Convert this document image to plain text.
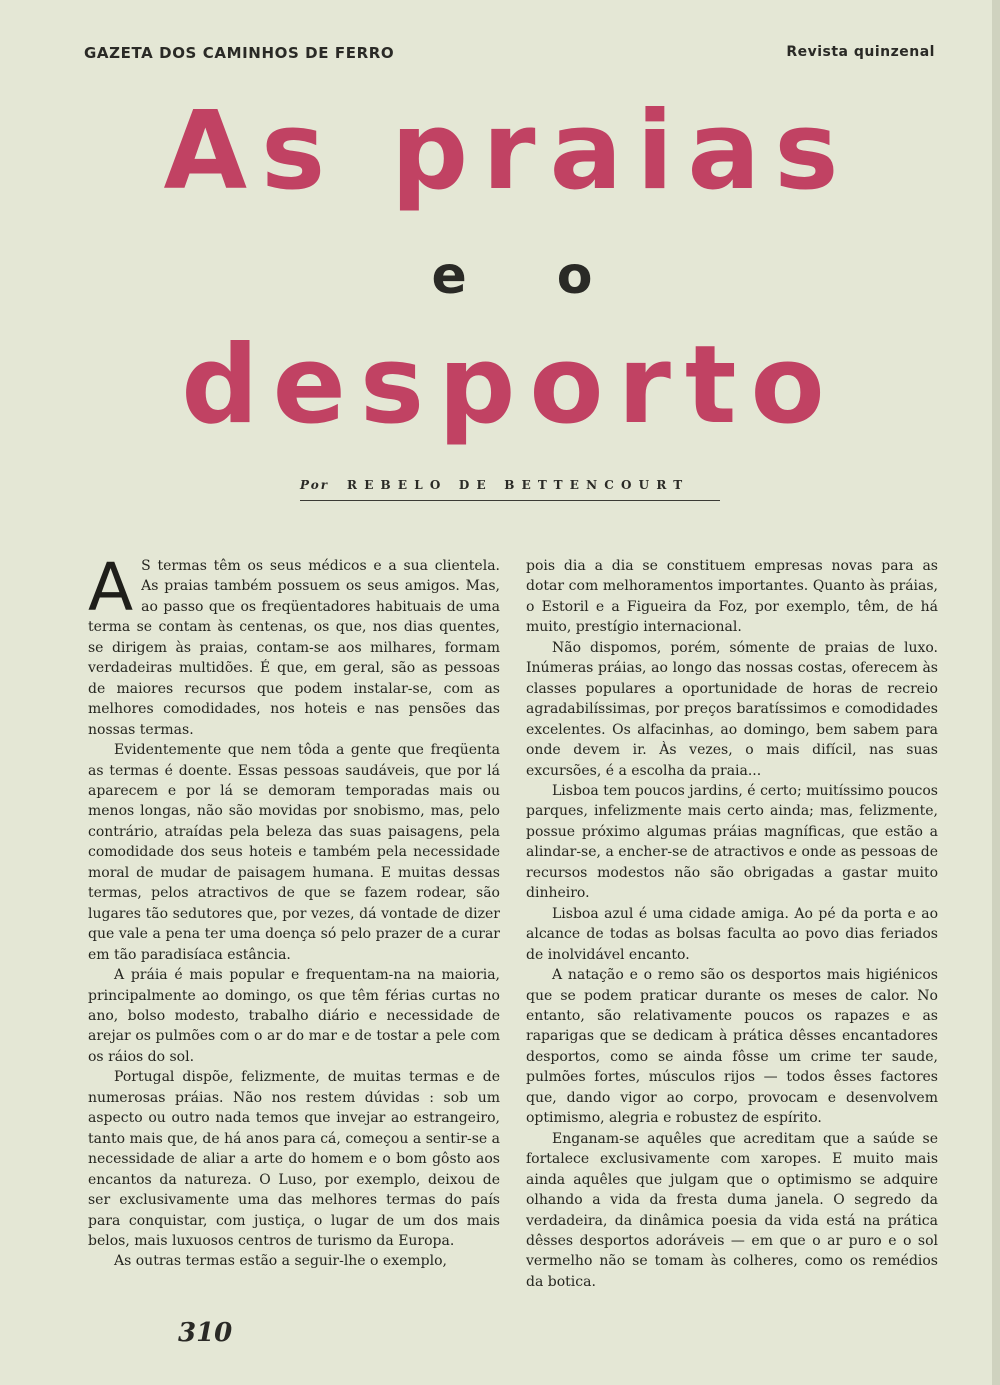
GAZETA DOS CAMINHOS DE FERRO	Revista quinzenal
As praias
e o
desporto
Por REBELO DE BETTENCOURT

A S termas têm os seus médicos e a sua clientela. As praias também possuem os seus amigos. Mas, ao passo que os freqüentadores habituais de uma terma se contam às centenas, os que, nos dias quentes, se dirigem às praias, contam-se aos milhares, formam verdadeiras multidões. É que, em geral, são as pessoas de maiores recursos que podem instalar-se, com as melhores comodidades, nos hoteis e nas pensões das nossas termas.

Evidentemente que nem tôda a gente que freqüenta as termas é doente. Essas pessoas saudáveis, que por lá aparecem e por lá se demoram temporadas mais ou menos longas, não são movidas por snobismo, mas, pelo contrário, atraídas pela beleza das suas paisagens, pela comodidade dos seus hoteis e também pela necessidade moral de mudar de paisagem humana. E muitas dessas termas, pelos atractivos de que se fazem rodear, são lugares tão sedutores que, por vezes, dá vontade de dizer que vale a pena ter uma doença só pelo prazer de a curar em tão paradisíaca estância.

A práia é mais popular e frequentam-na na maioria, principalmente ao domingo, os que têm férias curtas no ano, bolso modesto, trabalho diário e necessidade de arejar os pulmões com o ar do mar e de tostar a pele com os ráios do sol.

Portugal dispõe, felizmente, de muitas termas e de numerosas práias. Não nos restem dúvidas : sob um aspecto ou outro nada temos que invejar ao estrangeiro, tanto mais que, de há anos para cá, começou a sentir-se a necessidade de aliar a arte do homem e o bom gôsto aos encantos da natureza. O Luso, por exemplo, deixou de ser exclusivamente uma das melhores termas do país para conquistar, com justiça, o lugar de um dos mais belos, mais luxuosos centros de turismo da Europa.

As outras termas estão a seguir-lhe o exemplo,

pois dia a dia se constituem empresas novas para as dotar com melhoramentos importantes. Quanto às práias, o Estoril e a Figueira da Foz, por exemplo, têm, de há muito, prestígio internacional.

Não dispomos, porém, sómente de praias de luxo. Inúmeras práias, ao longo das nossas costas, oferecem às classes populares a oportunidade de horas de recreio agradabilíssimas, por preços baratíssimos e comodidades excelentes. Os alfacinhas, ao domingo, bem sabem para onde devem ir. Às vezes, o mais difícil, nas suas excursões, é a escolha da praia...

Lisboa tem poucos jardins, é certo; muitíssimo poucos parques, infelizmente mais certo ainda; mas, felizmente, possue próximo algumas práias magníficas, que estão a alindar-se, a encher-se de atractivos e onde as pessoas de recursos modestos não são obrigadas a gastar muito dinheiro.

Lisboa azul é uma cidade amiga. Ao pé da porta e ao alcance de todas as bolsas faculta ao povo dias feriados de inolvidável encanto.

A natação e o remo são os desportos mais higiénicos que se podem praticar durante os meses de calor. No entanto, são relativamente poucos os rapazes e as raparigas que se dedicam à prática dêsses encantadores desportos, como se ainda fôsse um crime ter saude, pulmões fortes, músculos rijos — todos êsses factores que, dando vigor ao corpo, provocam e desenvolvem optimismo, alegria e robustez de espírito.

Enganam-se aquêles que acreditam que a saúde se fortalece exclusivamente com xaropes. E muito mais ainda aquêles que julgam que o optimismo se adquire olhando a vida da fresta duma janela. O segredo da verdadeira, da dinâmica poesia da vida está na prática dêsses desportos adoráveis — em que o ar puro e o sol vermelho não se tomam às colheres, como os remédios da botica.

310
